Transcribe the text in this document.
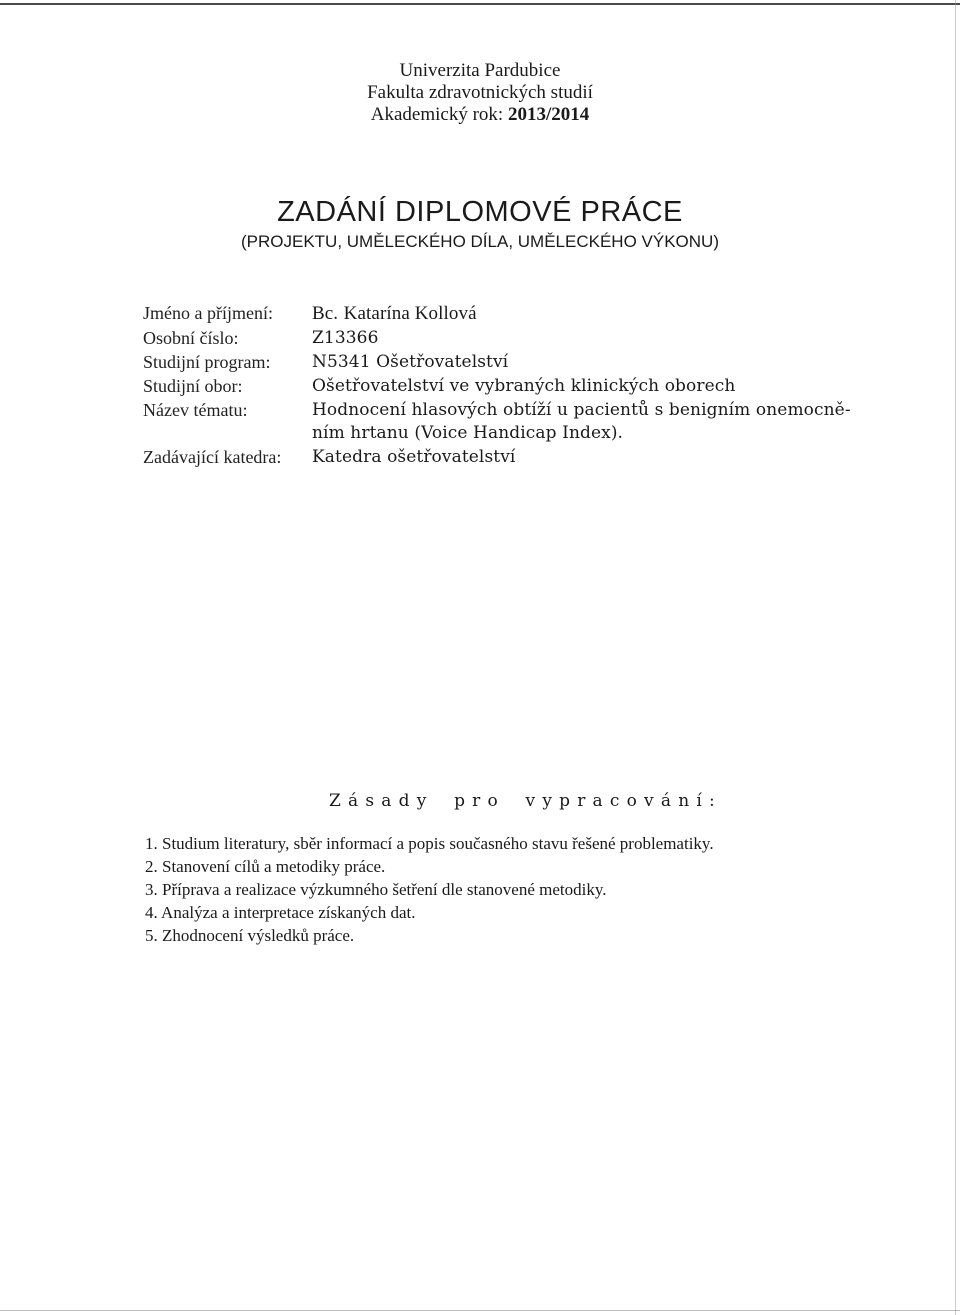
Univerzita Pardubice
Fakulta zdravotnických studií
Akademický rok: 2013/2014
ZADÁNÍ DIPLOMOVÉ PRÁCE
(PROJEKTU, UMĚLECKÉHO DÍLA, UMĚLECKÉHO VÝKONU)
Jméno a příjmení:	Bc. Katarína Kollová
Osobní číslo:	Z13366
Studijní program:	N5341 Ošetřovatelství
Studijní obor:	Ošetřovatelství ve vybraných klinických oborech
Název tématu:	Hodnocení hlasových obtíží u pacientů s benigním onemocně-
ním hrtanu (Voice Handicap Index).
Zadávající katedra:	Katedra ošetřovatelství
Zásady pro vypracování:
1. Studium literatury, sběr informací a popis současného stavu řešené problematiky.
2. Stanovení cílů a metodiky práce.
3. Příprava a realizace výzkumného šetření dle stanovené metodiky.
4. Analýza a interpretace získaných dat.
5. Zhodnocení výsledků práce.
